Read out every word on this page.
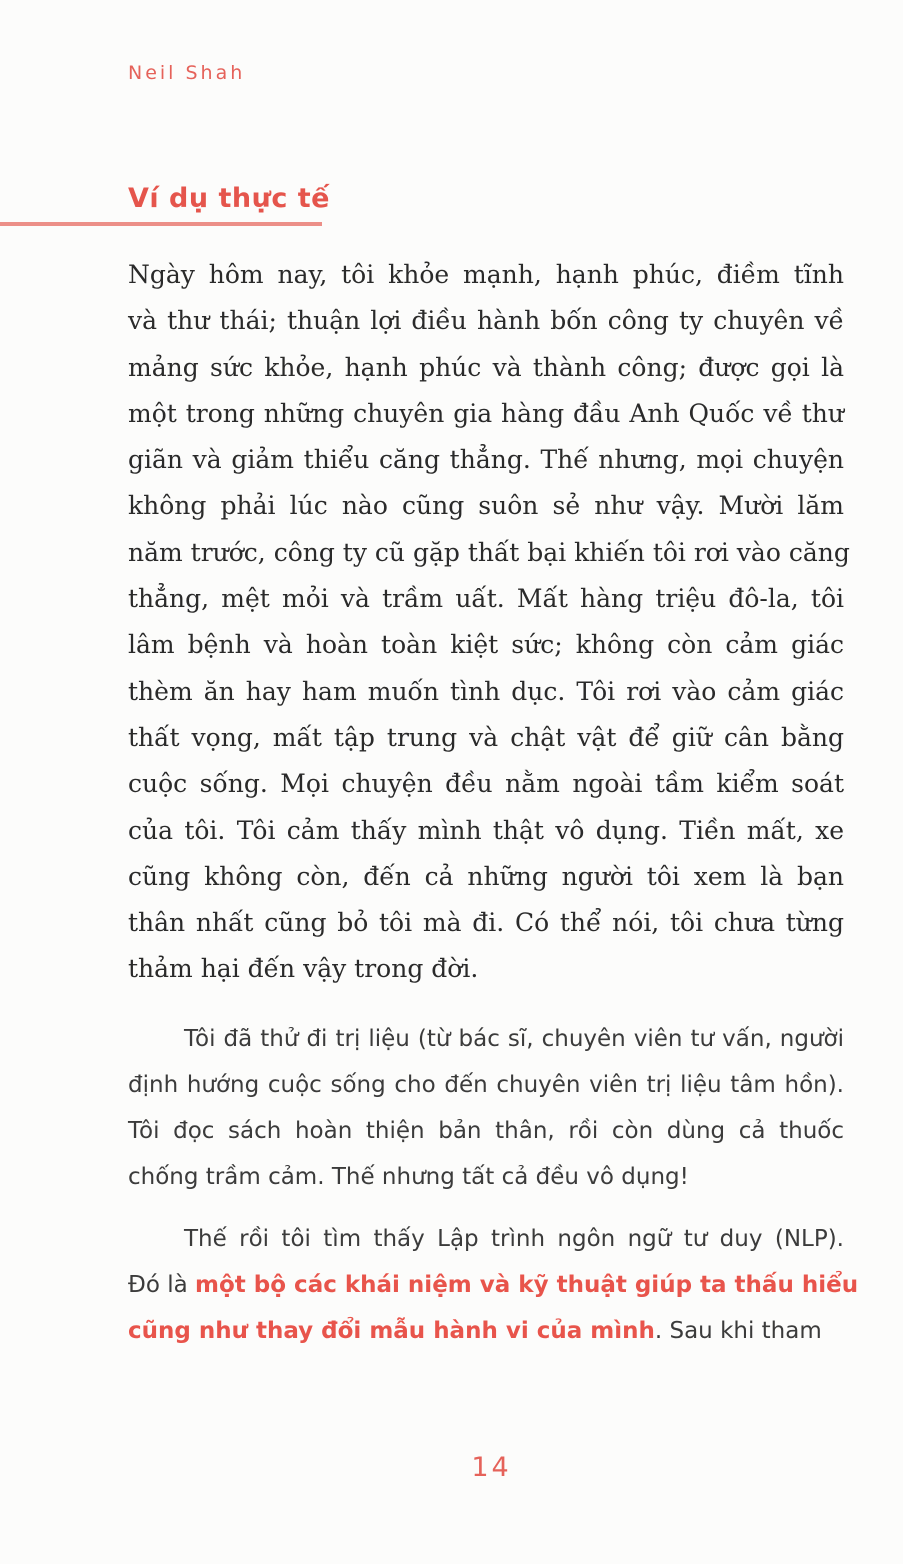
Neil Shah
Ví dụ thực tế
Ngày hôm nay, tôi khỏe mạnh, hạnh phúc, điềm tĩnh
và thư thái; thuận lợi điều hành bốn công ty chuyên về
mảng sức khỏe, hạnh phúc và thành công; được gọi là
một trong những chuyên gia hàng đầu Anh Quốc về thư
giãn và giảm thiểu căng thẳng. Thế nhưng, mọi chuyện
không phải lúc nào cũng suôn sẻ như vậy. Mười lăm
năm trước, công ty cũ gặp thất bại khiến tôi rơi vào căng
thẳng, mệt mỏi và trầm uất. Mất hàng triệu đô-la, tôi
lâm bệnh và hoàn toàn kiệt sức; không còn cảm giác
thèm ăn hay ham muốn tình dục. Tôi rơi vào cảm giác
thất vọng, mất tập trung và chật vật để giữ cân bằng
cuộc sống. Mọi chuyện đều nằm ngoài tầm kiểm soát
của tôi. Tôi cảm thấy mình thật vô dụng. Tiền mất, xe
cũng không còn, đến cả những người tôi xem là bạn
thân nhất cũng bỏ tôi mà đi. Có thể nói, tôi chưa từng
thảm hại đến vậy trong đời.
Tôi đã thử đi trị liệu (từ bác sĩ, chuyên viên tư vấn, người
định hướng cuộc sống cho đến chuyên viên trị liệu tâm hồn).
Tôi đọc sách hoàn thiện bản thân, rồi còn dùng cả thuốc
chống trầm cảm. Thế nhưng tất cả đều vô dụng!
Thế rồi tôi tìm thấy Lập trình ngôn ngữ tư duy (NLP).
Đó là một bộ các khái niệm và kỹ thuật giúp ta thấu hiểu
cũng như thay đổi mẫu hành vi của mình. Sau khi tham
14
